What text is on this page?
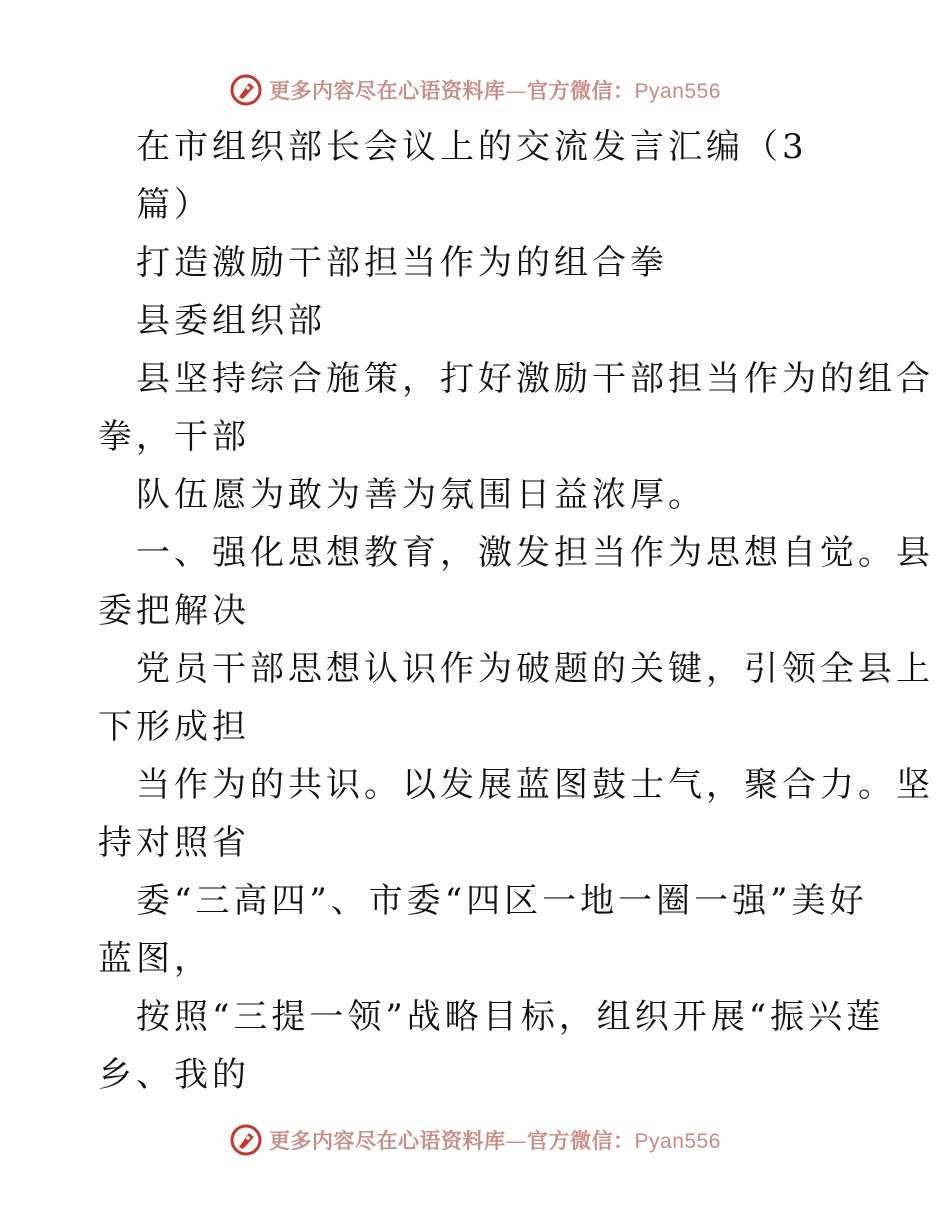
更多内容尽在心语资料库—官方微信：Pyan556
在市组织部长会议上的交流发言汇编（3
篇）
打造激励干部担当作为的组合拳
县委组织部
县坚持综合施策，打好激励干部担当作为的组合
拳，干部
队伍愿为敢为善为氛围日益浓厚。
一、强化思想教育，激发担当作为思想自觉。县
委把解决
党员干部思想认识作为破题的关键，引领全县上
下形成担
当作为的共识。以发展蓝图鼓士气，聚合力。坚
持对照省
委“三高四”、市委“四区一地一圈一强”美好
蓝图，
按照“三提一领”战略目标，组织开展“振兴莲
乡、我的
更多内容尽在心语资料库—官方微信：Pyan556
